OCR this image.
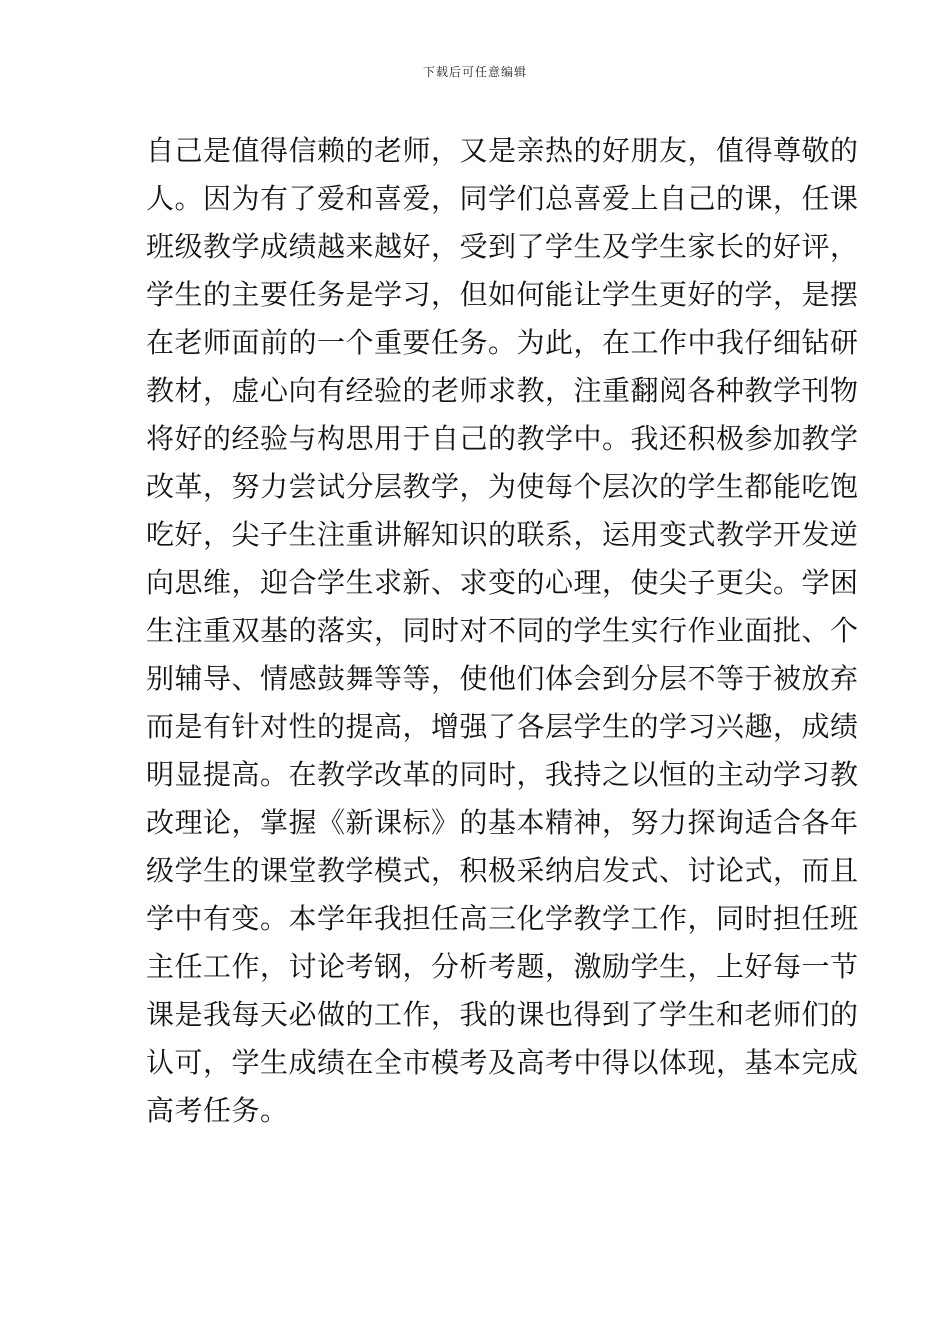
下载后可任意编辑
自己是值得信赖的老师，又是亲热的好朋友，值得尊敬的
人。因为有了爱和喜爱，同学们总喜爱上自己的课，任课
班级教学成绩越来越好，受到了学生及学生家长的好评，
学生的主要任务是学习，但如何能让学生更好的学，是摆
在老师面前的一个重要任务。为此，在工作中我仔细钻研
教材，虚心向有经验的老师求教，注重翻阅各种教学刊物
将好的经验与构思用于自己的教学中。我还积极参加教学
改革，努力尝试分层教学，为使每个层次的学生都能吃饱
吃好，尖子生注重讲解知识的联系，运用变式教学开发逆
向思维，迎合学生求新、求变的心理，使尖子更尖。学困
生注重双基的落实，同时对不同的学生实行作业面批、个
别辅导、情感鼓舞等等，使他们体会到分层不等于被放弃
而是有针对性的提高，增强了各层学生的学习兴趣，成绩
明显提高。在教学改革的同时，我持之以恒的主动学习教
改理论，掌握《新课标》的基本精神，努力探询适合各年
级学生的课堂教学模式，积极采纳启发式、讨论式，而且
学中有变。本学年我担任高三化学教学工作，同时担任班
主任工作，讨论考钢，分析考题，激励学生，上好每一节
课是我每天必做的工作，我的课也得到了学生和老师们的
认可，学生成绩在全市模考及高考中得以体现，基本完成
高考任务。
